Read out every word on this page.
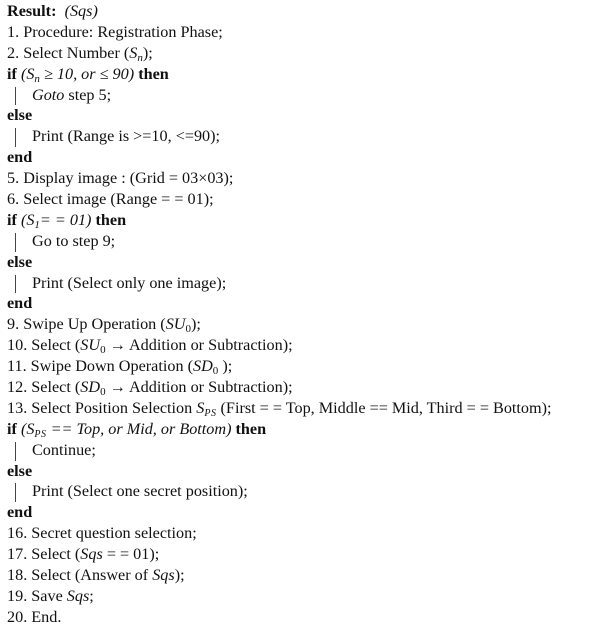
Result: (Sqs)
1. Procedure: Registration Phase;
2. Select Number $(S_n)$;
if ($S_n \ge 10$, or ≤ 90) then
Goto step 5;
else
Print (Range is >=10, <=90);
end
5. Display image : (Grid = 03×03);
6. Select image (Range = = 01);
if $(S_1= = 01)$ then
Go to step 9;
else
Print (Select only one image);
end
9. Swipe Up Operation $(SU_0)$;
10. Select ($SU_0$ → Addition or Subtraction);
11. Swipe Down Operation ($SD_0$ );
12. Select ($SD_0$ → Addition or Subtraction);
13. Select Position Selection $S_{PS}$ (First = = Top, Middle == Mid, Third = = Bottom);
if ($S_{PS}$ == Top, or Mid, or Bottom) then
Continue;
else
Print (Select one secret position);
end
16. Secret question selection;
17. Select (Sqs = = 01);
18. Select (Answer of Sqs);
19. Save Sqs;
20. End.
